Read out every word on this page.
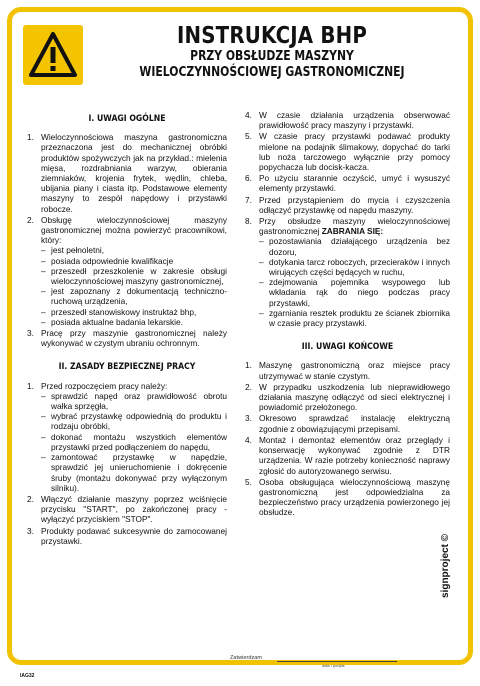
INSTRUKCJA BHP
PRZY OBSŁUDZE MASZYNY
WIELOCZYNNOŚCIOWEJ GASTRONOMICZNEJ
I. UWAGI OGÓLNE
1. Wieloczynnościowa maszyna gastronomiczna przeznaczona jest do mechanicznej obróbki produktów spożywczych jak na przykład.: mielenia mięsa, rozdrabniania warzyw, obierania ziemniaków, krojenia frytek, wędlin, chleba, ubijania piany i ciasta itp. Podstawowe elementy maszyny to zespół napędowy i przystawki robocze.
2. Obsługę wieloczynnościowej maszyny gastronomicznej można powierzyć pracownikowi, który:
– jest pełnoletni,
– posiada odpowiednie kwalifikacje
– przeszedł przeszkolenie w zakresie obsługi wieloczynnościowej maszyny gastronomicznej,
– jest zapoznany z dokumentacją techniczno-ruchową urządzenia,
– przeszedł stanowiskowy instruktaż bhp,
– posiada aktualne badania lekarskie.
3. Pracę przy maszynie gastronomicznej należy wykonywać w czystym ubraniu ochronnym.
II. ZASADY BEZPIECZNEJ PRACY
1. Przed rozpoczęciem pracy należy:
– sprawdzić napęd oraz prawidłowość obrotu wałka sprzęgła,
– wybrać przystawkę odpowiednią do produktu i rodzaju obróbki,
– dokonać montażu wszystkich elementów przystawki przed podłączeniem do napędu,
– zamontować przystawkę w napędzie, sprawdzić jej unieruchomienie i dokręcenie śruby (montażu dokonywać przy wyłączonym silniku).
2. Włączyć działanie maszyny poprzez wciśnięcie przycisku "START", po zakończonej pracy - wyłączyć przyciskiem "STOP".
3. Produkty podawać sukcesywnie do zamocowanej przystawki.
4. W czasie działania urządzenia obserwować prawidłowość pracy maszyny i przystawki.
5. W czasie pracy przystawki podawać produkty mielone na podajnik ślimakowy, dopychać do tarki lub noża tarczowego wyłącznie przy pomocy popychacza lub docisk-kacza.
6. Po użyciu starannie oczyścić, umyć i wysuszyć elementy przystawki.
7. Przed przystąpieniem do mycia i czyszczenia odłączyć przystawkę od napędu maszyny.
8. Przy obsłudze maszyny wieloczynnościowej gastronomicznej ZABRANIA SIĘ:
– pozostawiania działającego urządzenia bez dozoru,
– dotykania tarcz roboczych, przecieraków i innych wirujących części będących w ruchu,
– zdejmowania pojemnika wsypowego lub wkładania rąk do niego podczas pracy przystawki,
– zgarniania resztek produktu ze ścianek zbiornika w czasie pracy przystawki.
III. UWAGI KOŃCOWE
1. Maszynę gastronomiczną oraz miejsce pracy utrzymywać w stanie czystym.
2. W przypadku uszkodzenia lub nieprawidłowego działania maszynę odłączyć od sieci elektrycznej i powiadomić przełożonego.
3. Okresowo sprawdzać instalację elektryczną zgodnie z obowiązującymi przepisami.
4. Montaż i demontaż elementów oraz przeglądy i konserwację wykonywać zgodnie z DTR urządzenia. W razie potrzeby konieczność naprawy zgłosić do autoryzowanego serwisu.
5. Osoba obsługująca wieloczynnościową maszynę gastronomiczną jest odpowiedzialna za bezpieczeństwo pracy urządzenia powierzonego jej obsłudze.
Zatwierdzam
data i podpis
signproject ©
IAG32
